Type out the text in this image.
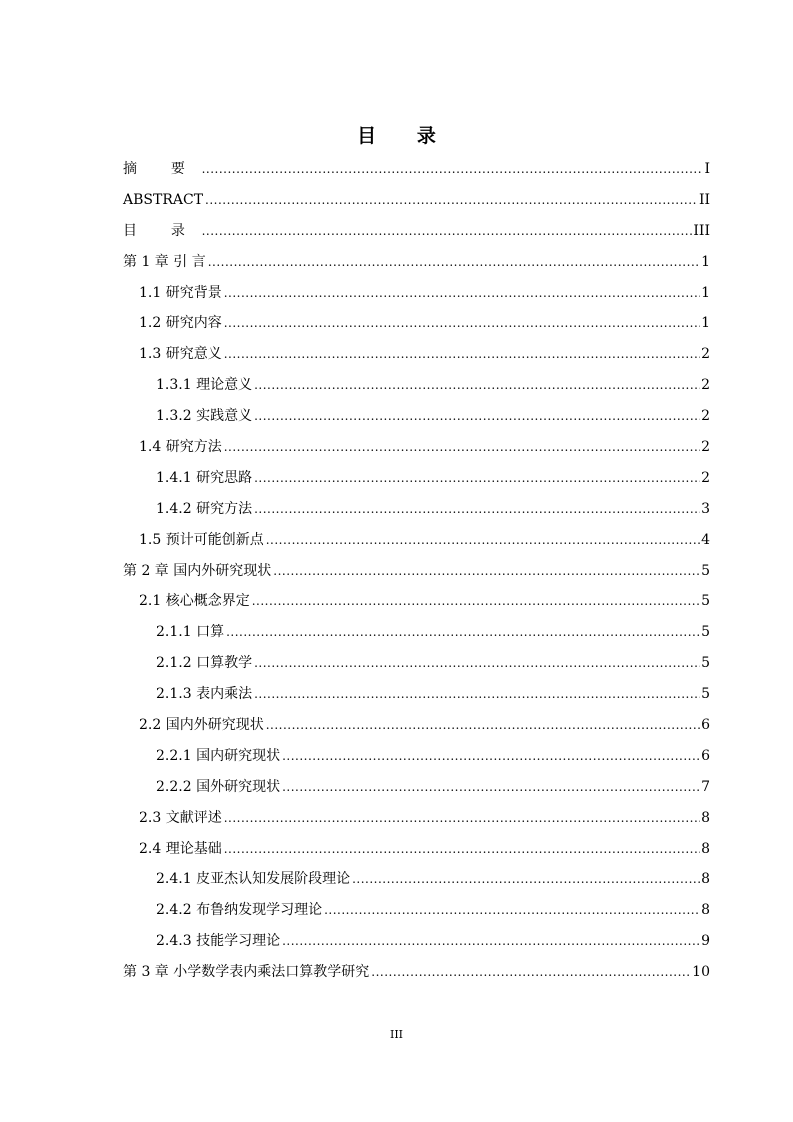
目 录
摘 要 .....	I
ABSTRACT .....	II
目 录 .....	III
第 1 章 引 言 .....	1
1.1 研究背景 .....	1
1.2 研究内容 .....	1
1.3 研究意义 .....	2
1.3.1 理论意义 .....	2
1.3.2 实践意义 .....	2
1.4 研究方法 .....	2
1.4.1 研究思路 .....	2
1.4.2 研究方法 .....	3
1.5 预计可能创新点 .....	4
第 2 章 国内外研究现状 .....	5
2.1 核心概念界定 .....	5
2.1.1 口算 .....	5
2.1.2 口算教学 .....	5
2.1.3 表内乘法 .....	5
2.2 国内外研究现状 .....	6
2.2.1 国内研究现状 .....	6
2.2.2 国外研究现状 .....	7
2.3 文献评述 .....	8
2.4 理论基础 .....	8
2.4.1 皮亚杰认知发展阶段理论 .....	8
2.4.2 布鲁纳发现学习理论 .....	8
2.4.3 技能学习理论 .....	9
第 3 章 小学数学表内乘法口算教学研究 .....	10
III
